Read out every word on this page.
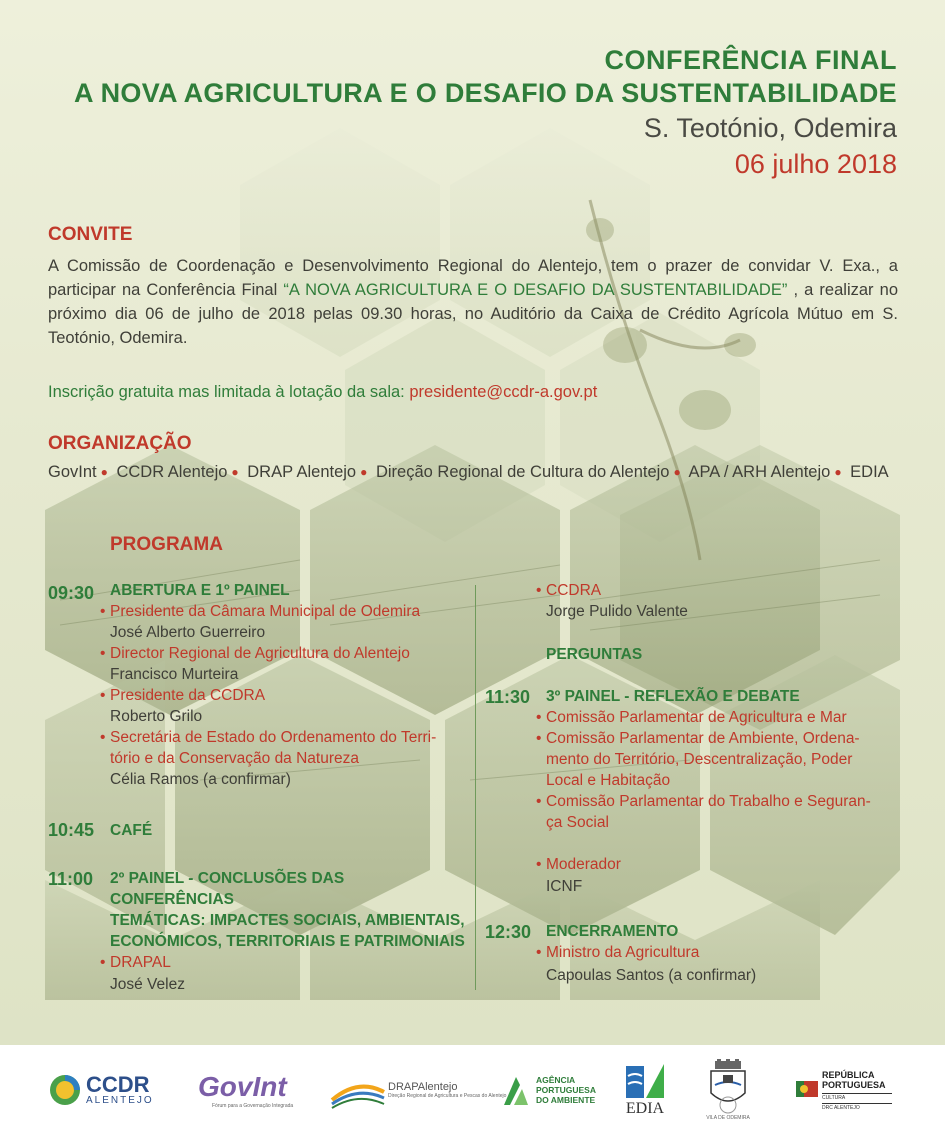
CONFERÊNCIA FINAL
A NOVA AGRICULTURA E O DESAFIO DA SUSTENTABILIDADE
S. Teotónio, Odemira
06 julho 2018
CONVITE
A Comissão de Coordenação e Desenvolvimento Regional do Alentejo, tem o prazer de convidar V. Exa., a participar na Conferência Final “A NOVA AGRICULTURA E O DESAFIO DA SUSTENTABILIDADE” , a realizar no próximo dia 06 de julho de 2018 pelas 09.30 horas, no Auditório da Caixa de Crédito Agrícola Mútuo em S. Teotónio, Odemira.
Inscrição gratuita mas limitada à lotação da sala: presidente@ccdr-a.gov.pt
ORGANIZAÇÃO
GovInt ● CCDR Alentejo ● DRAP Alentejo ● Direção Regional de Cultura do Alentejo ● APA / ARH Alentejo ● EDIA
PROGRAMA
09:30 ABERTURA E 1º PAINEL
• Presidente da Câmara Municipal de Odemira
José Alberto Guerreiro
• Director Regional de Agricultura do Alentejo
Francisco Murteira
• Presidente da CCDRA
Roberto Grilo
• Secretária de Estado do Ordenamento do Terri-
tório e da Conservação da Natureza
Célia Ramos (a confirmar)
10:45 CAFÉ
11:00 2º PAINEL - CONCLUSÕES DAS CONFERÊNCIAS
TEMÁTICAS: IMPACTES SOCIAIS, AMBIENTAIS,
ECONÓMICOS, TERRITORIAIS E PATRIMONIAIS
• DRAPAL
José Velez
• CCDRA
Jorge Pulido Valente
PERGUNTAS
11:30 3º PAINEL - REFLEXÃO E DEBATE
• Comissão Parlamentar de Agricultura e Mar
• Comissão Parlamentar de Ambiente, Ordena-
mento do Território, Descentralização, Poder
Local e Habitação
• Comissão Parlamentar do Trabalho e Seguran-
ça Social
• Moderador
ICNF
12:30 ENCERRAMENTO
• Ministro da Agricultura
Capoulas Santos (a confirmar)
CCDR
ALENTEJO GovInt
Fórum para a Governação Integrada
DRAPAlentejo
Direção Regional de Agricultura e Pescas do Alentejo
AGÊNCIA
PORTUGUESA
DO AMBIENTE EDIA
VILA DE ODEMIRA
REPÚBLICA
PORTUGUESA
CULTURA
DRC ALENTEJO
